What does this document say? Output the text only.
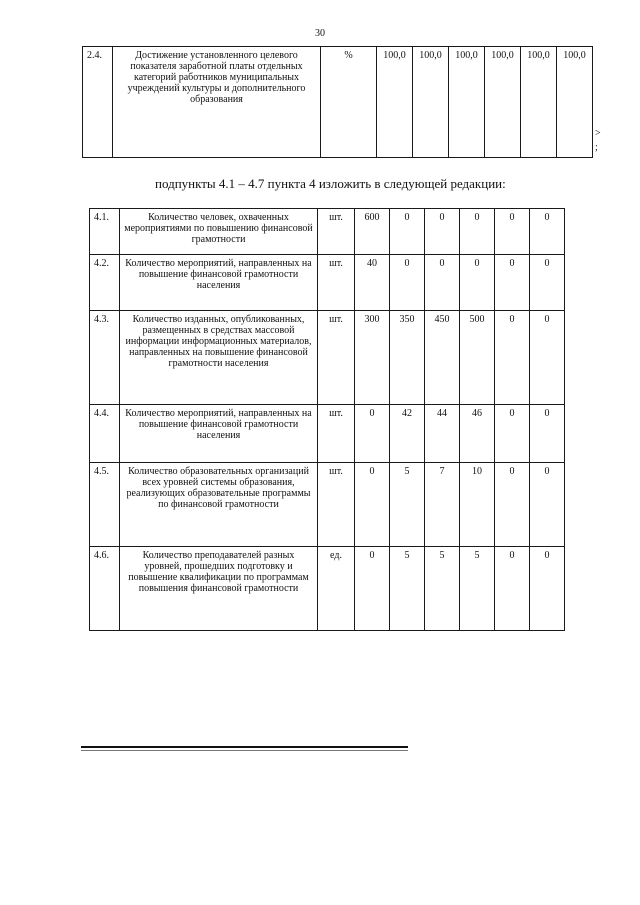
30
2.4.	Достижение установленного целевого показателя заработной платы отдельных категорий работников муниципальных учреждений культуры и дополнительного образования	%	100,0	100,0	100,0	100,0	100,0	100,0
>
;
подпункты 4.1 – 4.7 пункта 4 изложить в следующей редакции:
4.1.	Количество человек, охваченных мероприятиями по повышению финансовой грамотности	шт.	600	0	0	0	0	0
4.2.	Количество мероприятий, направленных на повышение финансовой грамотности населения	шт.	40	0	0	0	0	0
4.3.	Количество изданных, опубликованных, размещенных в средствах массовой информации информационных материалов, направленных на повышение финансовой грамотности населения	шт.	300	350	450	500	0	0
4.4.	Количество мероприятий, направленных на повышение финансовой грамотности населения	шт.	0	42	44	46	0	0
4.5.	Количество образовательных организаций всех уровней системы образования, реализующих образовательные программы по финансовой грамотности	шт.	0	5	7	10	0	0
4.6.	Количество преподавателей разных уровней, прошедших подготовку и повышение квалификации по программам повышения финансовой грамотности	ед.	0	5	5	5	0	0
